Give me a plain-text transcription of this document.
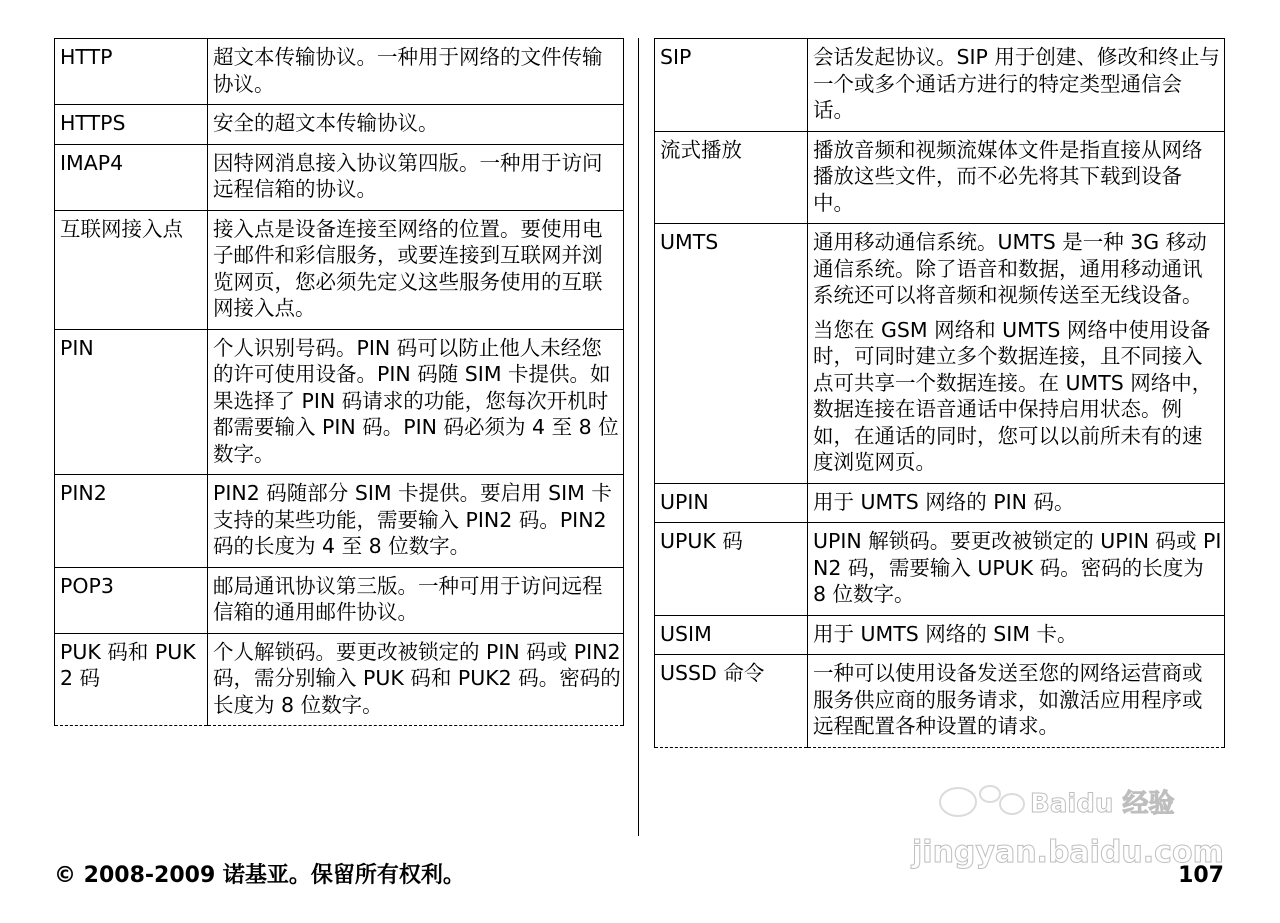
HTTP	超文本传输协议。一种用于网络的文件传输协议。

HTTPS	安全的超文本传输协议。

IMAP4	因特网消息接入协议第四版。一种用于访问远程信箱的协议。

互联网接入点	接入点是设备连接至网络的位置。要使用电子邮件和彩信服务，或要连接到互联网并浏览网页，您必须先定义这些服务使用的互联网接入点。

PIN	个人识别号码。PIN 码可以防止他人未经您的许可使用设备。PIN 码随 SIM 卡提供。如果选择了 PIN 码请求的功能，您每次开机时都需要输入 PIN 码。PIN 码必须为 4 至 8 位数字。

PIN2	PIN2 码随部分 SIM 卡提供。要启用 SIM 卡支持的某些功能，需要输入 PIN2 码。PIN2 码的长度为 4 至 8 位数字。

POP3	邮局通讯协议第三版。一种可用于访问远程信箱的通用邮件协议。

PUK 码和 PUK2 码	个人解锁码。要更改被锁定的 PIN 码或 PIN2 码，需分别输入 PUK 码和 PUK2 码。密码的长度为 8 位数字。

SIP	会话发起协议。SIP 用于创建、修改和终止与一个或多个通话方进行的特定类型通信会话。

流式播放	播放音频和视频流媒体文件是指直接从网络播放这些文件，而不必先将其下载到设备中。

UMTS	通用移动通信系统。UMTS 是一种 3G 移动通信系统。除了语音和数据，通用移动通讯系统还可以将音频和视频传送至无线设备。

当您在 GSM 网络和 UMTS 网络中使用设备时，可同时建立多个数据连接，且不同接入点可共享一个数据连接。在 UMTS 网络中，数据连接在语音通话中保持启用状态。例如，在通话的同时，您可以以前所未有的速度浏览网页。

UPIN	用于 UMTS 网络的 PIN 码。

UPUK 码	UPIN 解锁码。要更改被锁定的 UPIN 码或 PIN2 码，需要输入 UPUK 码。密码的长度为 8 位数字。

USIM	用于 UMTS 网络的 SIM 卡。

USSD 命令	一种可以使用设备发送至您的网络运营商或服务供应商的服务请求，如激活应用程序或远程配置各种设置的请求。

© 2008-2009 诺基亚。保留所有权利。	107
Baidu 经验
jingyan.baidu.com
